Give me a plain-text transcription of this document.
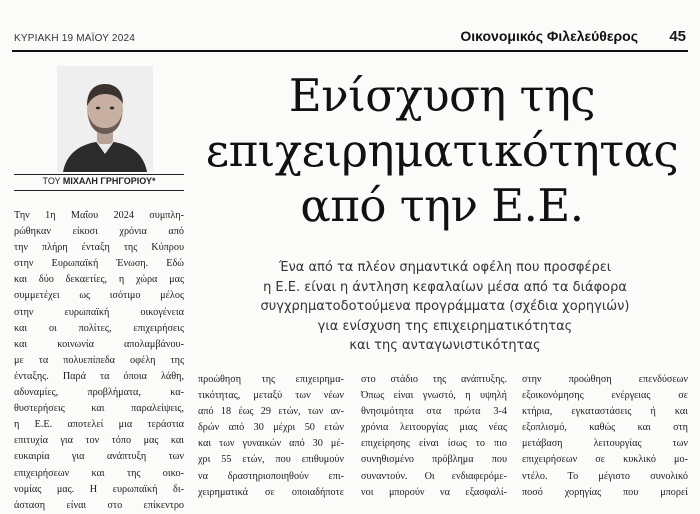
ΚΥΡΙΑΚΗ 19 ΜΑΪΟΥ 2024	Οικονομικός Φιλελεύθερος 45
ΤΟΥ ΜΙΧΑΛΗ ΓΡΗΓΟΡΙΟΥ*
Ενίσχυση της
επιχειρηματικότητας
από την Ε.Ε.
Ένα από τα πλέον σημαντικά οφέλη που προσφέρει
η Ε.Ε. είναι η άντληση κεφαλαίων μέσα από τα διάφορα
συγχρηματοδοτούμενα προγράμματα (σχέδια χορηγιών)
για ενίσχυση της επιχειρηματικότητας
και της ανταγωνιστικότητας
Την 1η Μαΐου 2024 συμπλη-
ρώθηκαν είκοσι χρόνια από
την πλήρη ένταξη της Κύπρου
στην Ευρωπαϊκή Ένωση. Εδώ
και δύο δεκαετίες, η χώρα μας
συμμετέχει ως ισότιμο μέλος
στην ευρωπαϊκή οικογένεια
και οι πολίτες, επιχειρήσεις
και κοινωνία απολαμβάνου-
με τα πολυεπίπεδα οφέλη της
ένταξης. Παρά τα όποια λάθη,
αδυναμίες, προβλήματα, κα-
θυστερήσεις και παραλείψεις,
η Ε.Ε. αποτελεί μια τεράστια
επιτυχία για τον τόπο μας και
ευκαιρία για ανάπτυξη των
επιχειρήσεων και της οικο-
νομίας μας. Η ευρωπαϊκή δι-
άσταση είναι στο επίκεντρο
προώθηση της επιχειρημα-
τικότητας, μεταξύ των νέων
από 18 έως 29 ετών, των αν-
δρών από 30 μέχρι 50 ετών
και των γυναικών από 30 μέ-
χρι 55 ετών, που επιθυμούν
να δραστηριοποιηθούν επι-
χειρηματικά σε οποιαδήποτε
στο στάδιο της ανάπτυξης.
Όπως είναι γνωστό, η υψηλή
θνησιμότητα στα πρώτα 3-4
χρόνια λειτουργίας μιας νέας
επιχείρησης είναι ίσως το πιο
συνηθισμένο πρόβλημα που
συναντούν. Οι ενδιαφερόμε-
νοι μπορούν να εξασφαλί-
στην προώθηση επενδύσεων
εξοικονόμησης ενέργειας σε
κτήρια, εγκαταστάσεις ή και
εξοπλισμό, καθώς και στη
μετάβαση λειτουργίας των
επιχειρήσεων σε κυκλικό μο-
ντέλο. Το μέγιστο συνολικό
ποσό χορηγίας που μπορεί
